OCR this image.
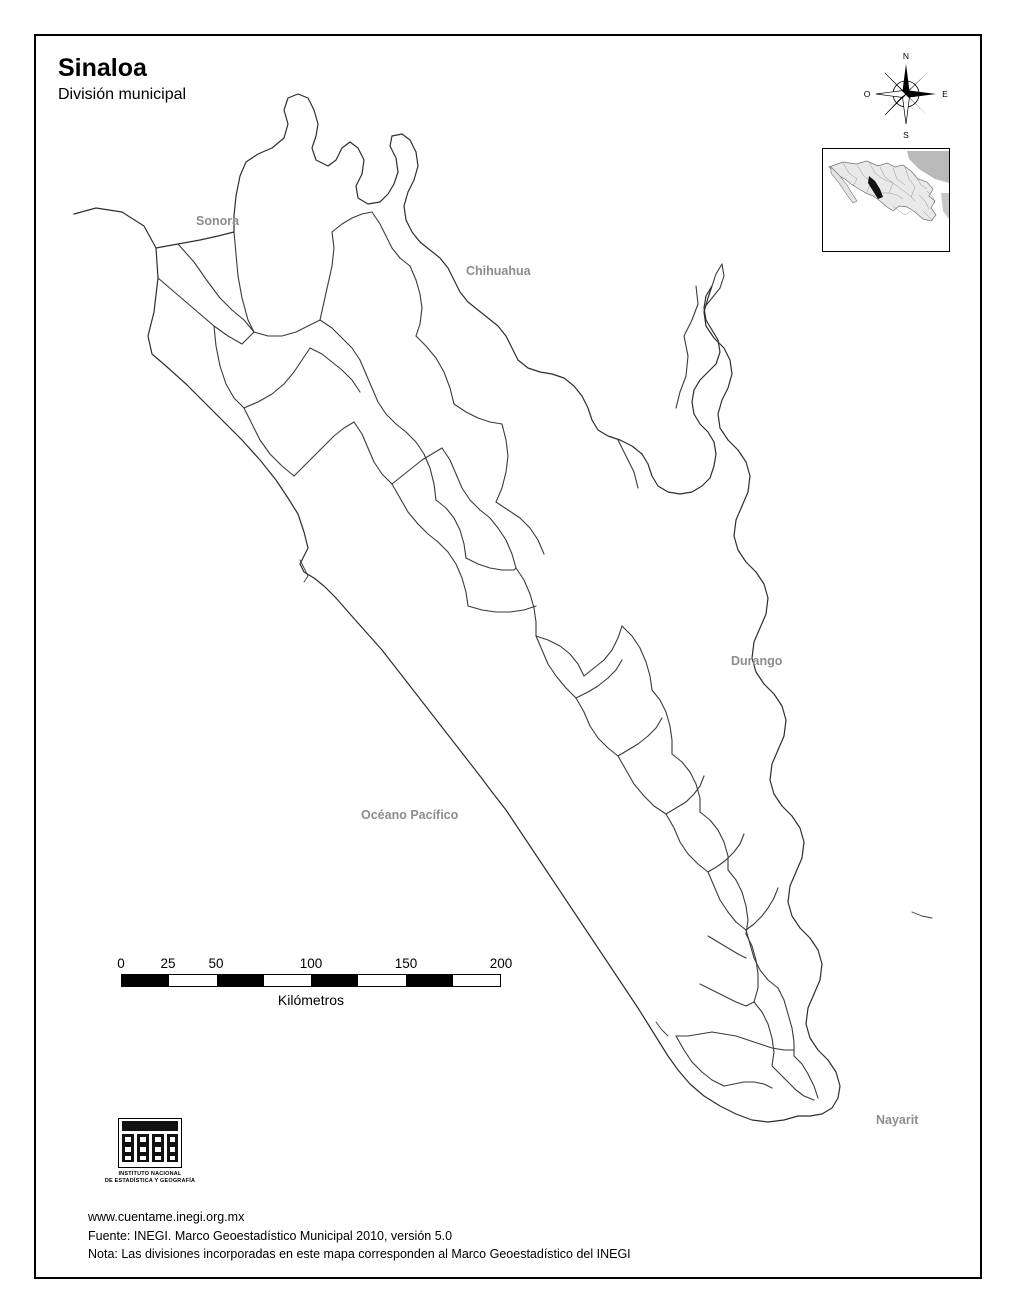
Sinaloa
División municipal
N
S
E
O
Sonora
Chihuahua
Durango
Nayarit
Océano Pacífico
0	25 50	100	150	200
Kilómetros
INSTITUTO NACIONAL
DE ESTADÍSTICA Y GEOGRAFÍA
www.cuentame.inegi.org.mx
Fuente: INEGI. Marco Geoestadístico Municipal 2010, versión 5.0
Nota: Las divisiones incorporadas en este mapa corresponden al Marco Geoestadístico del INEGI
